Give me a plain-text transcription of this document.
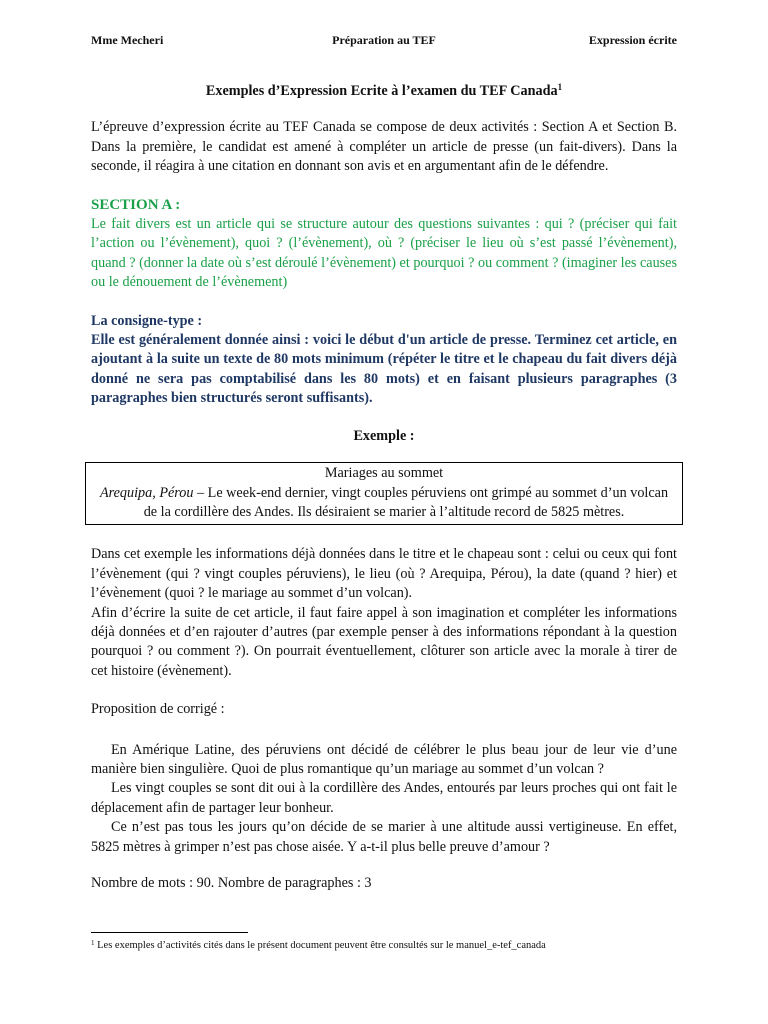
Mme Mecheri	Préparation au TEF	Expression écrite

Exemples d’Expression Ecrite à l’examen du TEF Canada$^1$

L’épreuve d’expression écrite au TEF Canada se compose de deux activités : Section A et Section B. Dans la première, le candidat est amené à compléter un article de presse (un fait-divers). Dans la seconde, il réagira à une citation en donnant son avis et en argumentant afin de le défendre.

SECTION A :

Le fait divers est un article qui se structure autour des questions suivantes : qui ? (préciser qui fait l’action ou l’évènement), quoi ? (l’évènement), où ? (préciser le lieu où s’est passé l’évènement), quand ? (donner la date où s’est déroulé l’évènement) et pourquoi ? ou comment ? (imaginer les causes ou le dénouement de l’évènement)

La consigne-type :

Elle est généralement donnée ainsi : voici le début d'un article de presse. Terminez cet article, en ajoutant à la suite un texte de 80 mots minimum (répéter le titre et le chapeau du fait divers déjà donné ne sera pas comptabilisé dans les 80 mots) et en faisant plusieurs paragraphes (3 paragraphes bien structurés seront suffisants).

Exemple :

Mariages au sommet

Arequipa, Pérou – Le week-end dernier, vingt couples péruviens ont grimpé au sommet d’un volcan de la cordillère des Andes. Ils désiraient se marier à l’altitude record de 5825 mètres.

Dans cet exemple les informations déjà données dans le titre et le chapeau sont : celui ou ceux qui font l’évènement (qui ? vingt couples péruviens), le lieu (où ? Arequipa, Pérou), la date (quand ? hier) et l’évènement (quoi ? le mariage au sommet d’un volcan).

Afin d’écrire la suite de cet article, il faut faire appel à son imagination et compléter les informations déjà données et d’en rajouter d’autres (par exemple penser à des informations répondant à la question pourquoi ? ou comment ?). On pourrait éventuellement, clôturer son article avec la morale à tirer de cet histoire (évènement).

Proposition de corrigé :

En Amérique Latine, des péruviens ont décidé de célébrer le plus beau jour de leur vie d’une manière bien singulière. Quoi de plus romantique qu’un mariage au sommet d’un volcan ?

Les vingt couples se sont dit oui à la cordillère des Andes, entourés par leurs proches qui ont fait le déplacement afin de partager leur bonheur.

Ce n’est pas tous les jours qu’on décide de se marier à une altitude aussi vertigineuse. En effet, 5825 mètres à grimper n’est pas chose aisée. Y a-t-il plus belle preuve d’amour ?

Nombre de mots : 90. Nombre de paragraphes : 3

$^1$ Les exemples d’activités cités dans le présent document peuvent être consultés sur le manuel_e-tef_canada
